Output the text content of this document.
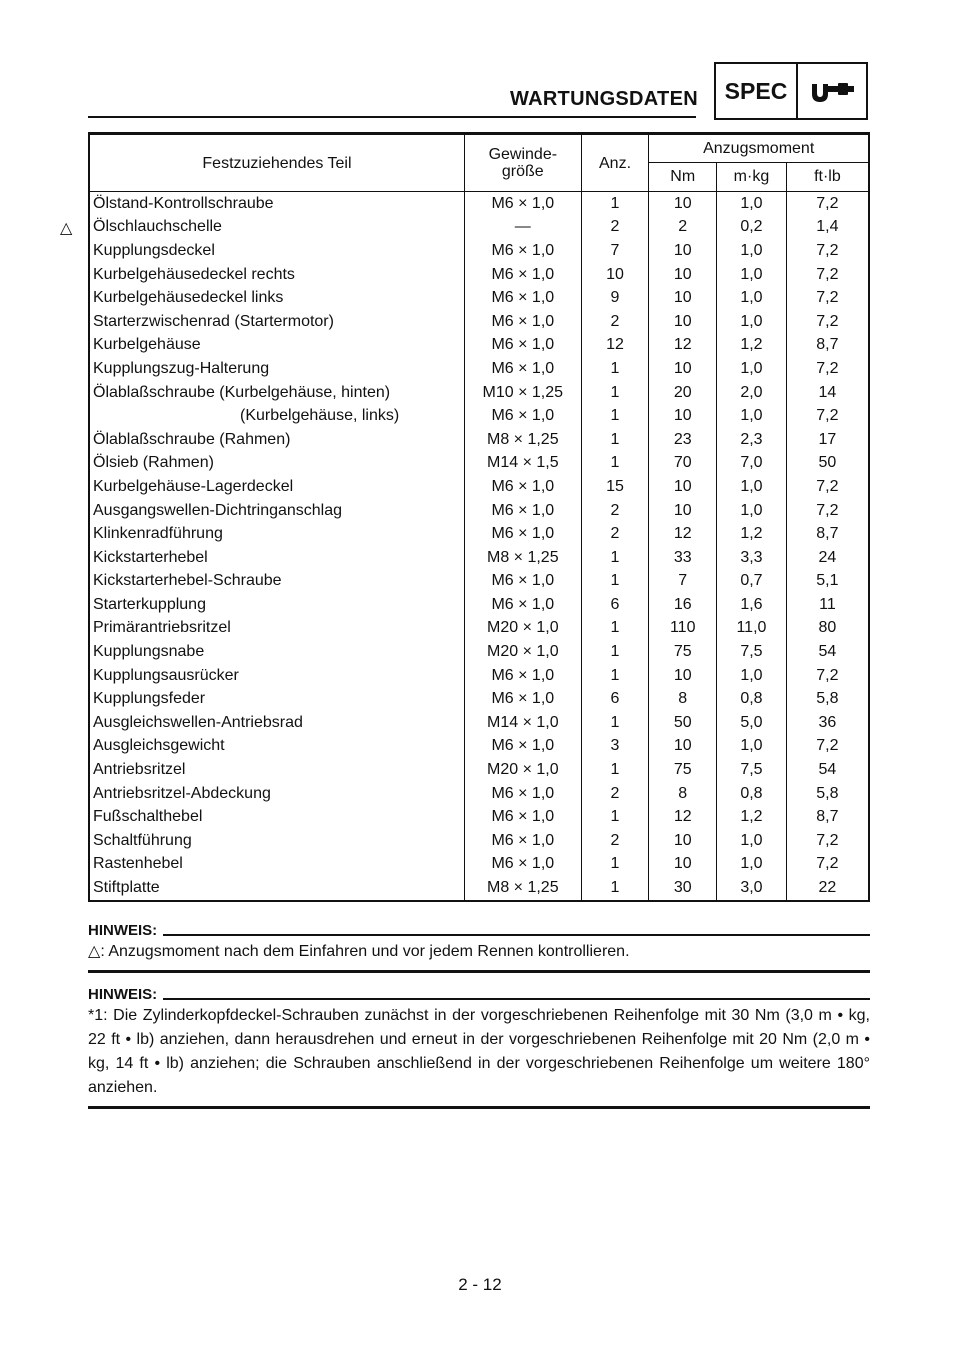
WARTUNGSDATEN	SPEC
Festzuziehendes Teil	Gewinde-
größe	Anz.	Anzugsmoment		
			Nm	m·kg	ft·lb
Ölstand-Kontrollschraube	M6 × 1,0	1	10	1,0	7,2

△ Ölschlauchschelle	—	2	2	0,2	1,4
Kupplungsdeckel	M6 × 1,0	7	10	1,0	7,2
Kurbelgehäusedeckel rechts	M6 × 1,0	10	10	1,0	7,2
Kurbelgehäusedeckel links	M6 × 1,0	9	10	1,0	7,2
Starterzwischenrad (Startermotor)	M6 × 1,0	2	10	1,0	7,2
Kurbelgehäuse	M6 × 1,0	12	12	1,2	8,7
Kupplungszug-Halterung	M6 × 1,0	1	10	1,0	7,2
Ölablaßschraube (Kurbelgehäuse, hinten)	M10 × 1,25	1	20	2,0	14
(Kurbelgehäuse, links)	M6 × 1,0	1	10	1,0	7,2
Ölablaßschraube (Rahmen)	M8 × 1,25	1	23	2,3	17
Ölsieb (Rahmen)	M14 × 1,5	1	70	7,0	50
Kurbelgehäuse-Lagerdeckel	M6 × 1,0	15	10	1,0	7,2
Ausgangswellen-Dichtringanschlag	M6 × 1,0	2	10	1,0	7,2
Klinkenradführung	M6 × 1,0	2	12	1,2	8,7
Kickstarterhebel	M8 × 1,25	1	33	3,3	24
Kickstarterhebel-Schraube	M6 × 1,0	1	7	0,7	5,1
Starterkupplung	M6 × 1,0	6	16	1,6	11
Primärantriebsritzel	M20 × 1,0	1	110	11,0	80
Kupplungsnabe	M20 × 1,0	1	75	7,5	54
Kupplungsausrücker	M6 × 1,0	1	10	1,0	7,2
Kupplungsfeder	M6 × 1,0	6	8	0,8	5,8
Ausgleichswellen-Antriebsrad	M14 × 1,0	1	50	5,0	36
Ausgleichsgewicht	M6 × 1,0	3	10	1,0	7,2
Antriebsritzel	M20 × 1,0	1	75	7,5	54
Antriebsritzel-Abdeckung	M6 × 1,0	2	8	0,8	5,8
Fußschalthebel	M6 × 1,0	1	12	1,2	8,7
Schaltführung	M6 × 1,0	2	10	1,0	7,2
Rastenhebel	M6 × 1,0	1	10	1,0	7,2
Stiftplatte	M8 × 1,25	1	30	3,0	22
HINWEIS:
△: Anzugsmoment nach dem Einfahren und vor jedem Rennen kontrollieren.
HINWEIS:
*1: Die Zylinderkopfdeckel-Schrauben zunächst in der vorgeschriebenen Reihenfolge mit 30 Nm (3,0 m • kg, 22 ft • lb) anziehen, dann herausdrehen und erneut in der vorgeschriebenen Reihenfolge mit 20 Nm (2,0 m • kg, 14 ft • lb) anziehen; die Schrauben anschließend in der vorgeschriebenen Reihenfolge um weitere 180° anziehen.
2 - 12
